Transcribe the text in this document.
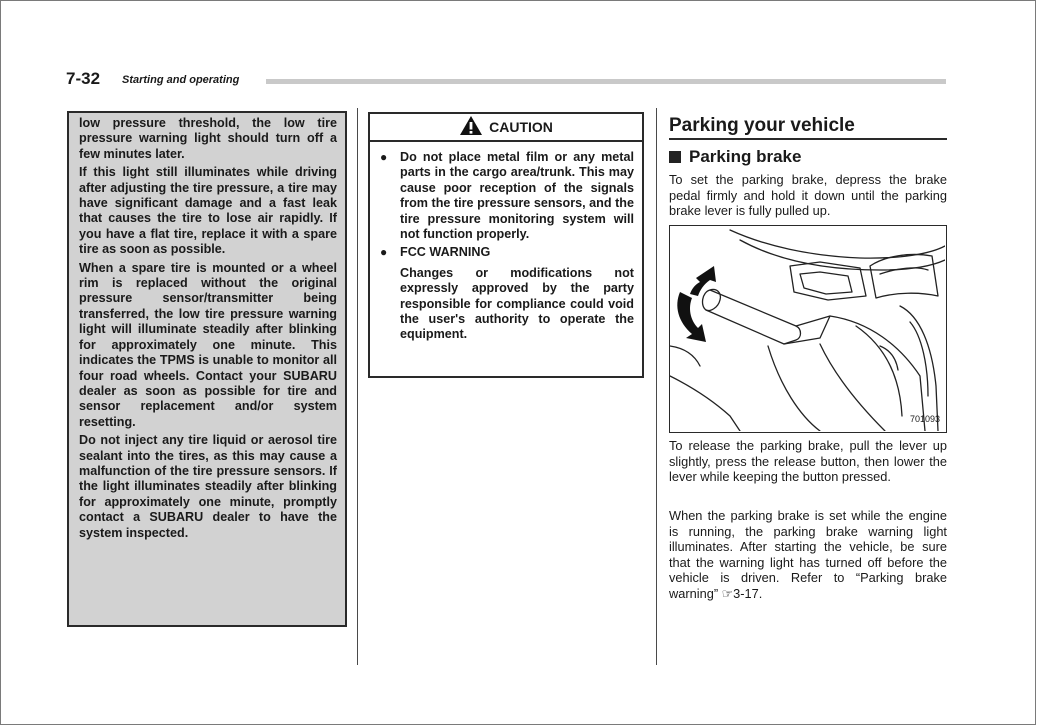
7-32 Starting and operating

low pressure threshold, the low tire pressure warning light should turn off a few minutes later.

If this light still illuminates while driving after adjusting the tire pressure, a tire may have significant damage and a fast leak that causes the tire to lose air rapidly. If you have a flat tire, replace it with a spare tire as soon as possible.

When a spare tire is mounted or a wheel rim is replaced without the original pressure sensor/transmitter being transferred, the low tire pressure warning light will illuminate steadily after blinking for approximately one minute. This indicates the TPMS is unable to monitor all four road wheels. Contact your SUBARU dealer as soon as possible for tire and sensor replacement and/or system resetting.

Do not inject any tire liquid or aerosol tire sealant into the tires, as this may cause a malfunction of the tire pressure sensors. If the light illuminates steadily after blinking for approximately one minute, promptly contact a SUBARU dealer to have the system inspected.

CAUTION
● Do not place metal film or any metal parts in the cargo area/trunk. This may cause poor reception of the signals from the tire pressure sensors, and the tire pressure monitoring system will not function properly.
● FCC WARNING
Changes or modifications not expressly approved by the party responsible for compliance could void the user's authority to operate the equipment.
Parking your vehicle
Parking brake
To set the parking brake, depress the brake pedal firmly and hold it down until the parking brake lever is fully pulled up.
701093
To release the parking brake, pull the lever up slightly, press the release button, then lower the lever while keeping the button pressed.
When the parking brake is set while the engine is running, the parking brake warning light illuminates. After starting the vehicle, be sure that the warning light has turned off before the vehicle is driven. Refer to “Parking brake warning” ☞3-17.
